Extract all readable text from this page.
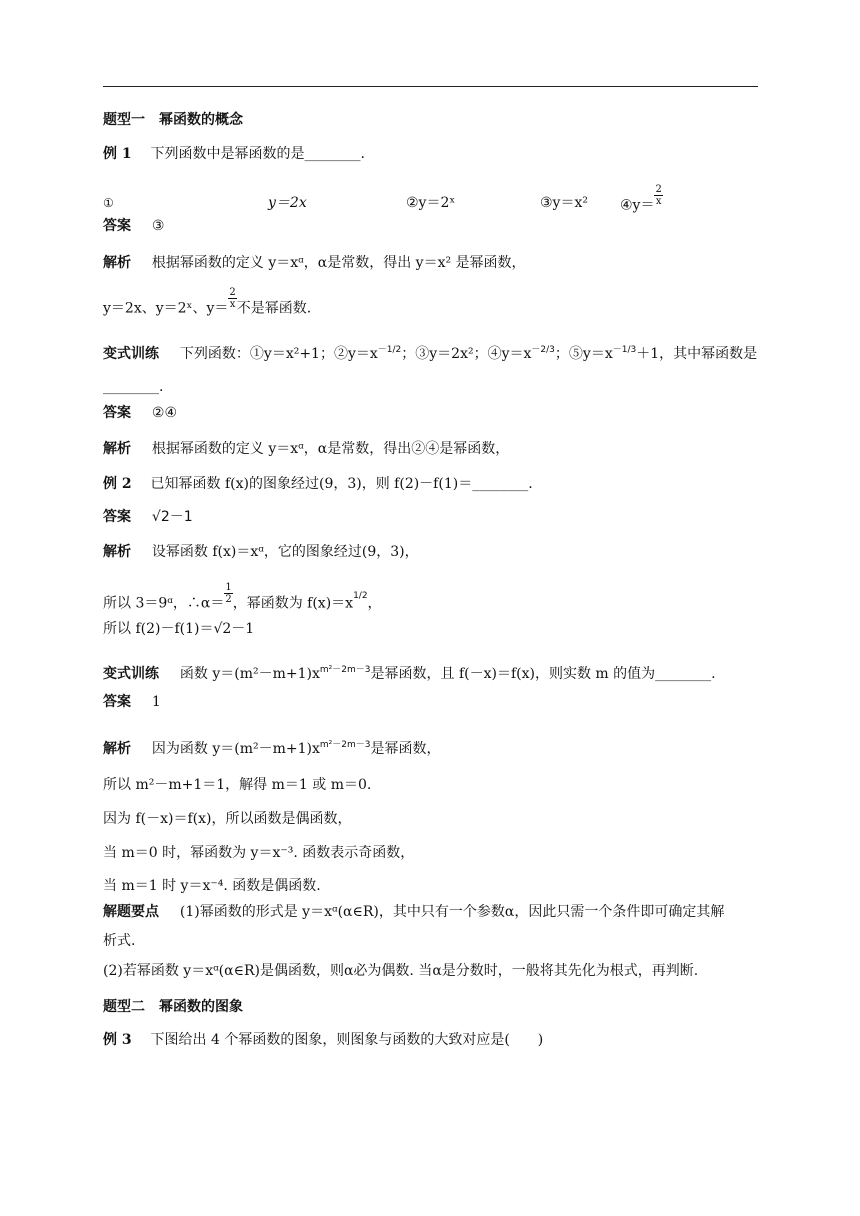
题型一　幂函数的概念
例 1 下列函数中是幂函数的是________.
①	y＝2x	②y＝2ˣ	③y＝x² ④y＝ $\frac{2}{x}$
答案 ③
解析 根据幂函数的定义 y＝xᵅ，α是常数，得出 y＝x² 是幂函数，
y＝2x、y＝2ˣ、$y= \frac{2}{x}$ 不是幂函数.
变式训练 下列函数：①y＝x²+1；$②y=x^{-1/2}$；③y＝2x²；$④y=x^{-2/3}$；$⑤y=x^{-1/3}+1$，其中幂函数是
________.
答案 ②④
解析 根据幂函数的定义 y＝xᵅ，α是常数，得出②④是幂函数，
例 2 已知幂函数 f(x)的图象经过(9，3)，则 f(2)－f(1)＝________.
答案 √2－1
解析 设幂函数 f(x)＝xᵅ，它的图象经过(9，3)，
所以 3＝9ᵅ，∴α＝ $\frac{1}{2}$ ，幂函数为 $f(x)=x^{1/2}$，
所以 f(2)－f(1)＝√2－1
变式训练 函数 $y=(m^2-m+1)x^{m^2-2m-3}$是幂函数，且 f(－x)＝f(x)，则实数 m 的值为________.
答案 1
解析 因为函数 $y=(m^2-m+1)x^{m^2-2m-3}$是幂函数，
所以 m²－m+1＝1，解得 m＝1 或 m＝0.
因为 f(－x)＝f(x)，所以函数是偶函数，
当 m＝0 时，幂函数为 y＝x⁻³. 函数表示奇函数，
当 m＝1 时 y＝x⁻⁴. 函数是偶函数.
解题要点 (1)幂函数的形式是 y＝xᵅ(α∈R)，其中只有一个参数α，因此只需一个条件即可确定其解
析式.
(2)若幂函数 y＝xᵅ(α∈R)是偶函数，则α必为偶数. 当α是分数时，一般将其先化为根式，再判断.
题型二　幂函数的图象
例 3 下图给出 4 个幂函数的图象，则图象与函数的大致对应是(　　)
